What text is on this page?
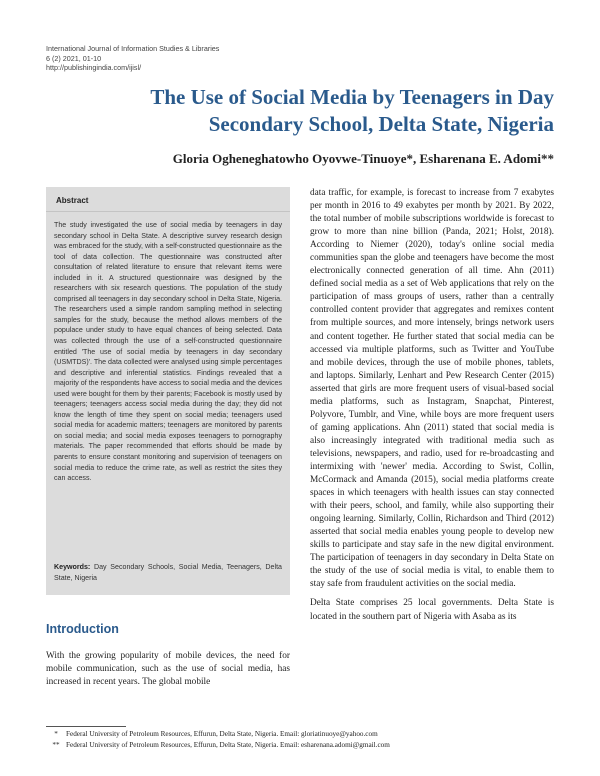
International Journal of Information Studies & Libraries
6 (2) 2021, 01-10
http://publishingindia.com/ijisl/
The Use of Social Media by Teenagers in Day
Secondary School, Delta State, Nigeria
Gloria Ogheneghatowho Oyovwe-Tinuoye*, Esharenana E. Adomi**
Abstract
The study investigated the use of social media by teenagers in day secondary school in Delta State. A descriptive survey research design was embraced for the study, with a self-constructed questionnaire as the tool of data collection. The questionnaire was constructed after consultation of related literature to ensure that relevant items were included in it. A structured questionnaire was designed by the researchers with six research questions. The population of the study comprised all teenagers in day secondary school in Delta State, Nigeria. The researchers used a simple random sampling method in selecting samples for the study, because the method allows members of the populace under study to have equal chances of being selected. Data was collected through the use of a self-constructed questionnaire entitled 'The use of social media by teenagers in day secondary (USMTDS)'. The data collected were analysed using simple percentages and descriptive and inferential statistics. Findings revealed that a majority of the respondents have access to social media and the devices used were bought for them by their parents; Facebook is mostly used by teenagers; teenagers access social media during the day; they did not know the length of time they spent on social media; teenagers used social media for academic matters; teenagers are monitored by parents on social media; and social media exposes teenagers to pornography materials. The paper recommended that efforts should be made by parents to ensure constant monitoring and supervision of teenagers on social media to reduce the crime rate, as well as restrict the sites they can access.
Keywords: Day Secondary Schools, Social Media, Teenagers, Delta State, Nigeria
Introduction
With the growing popularity of mobile devices, the need for mobile communication, such as the use of social media, has increased in recent years. The global mobile

data traffic, for example, is forecast to increase from 7 exabytes per month in 2016 to 49 exabytes per month by 2021. By 2022, the total number of mobile subscriptions worldwide is forecast to grow to more than nine billion (Panda, 2021; Holst, 2018). According to Niemer (2020), today's online social media communities span the globe and teenagers have become the most electronically connected generation of all time. Ahn (2011) defined social media as a set of Web applications that rely on the participation of mass groups of users, rather than a centrally controlled content provider that aggregates and remixes content from multiple sources, and more intensely, brings network users and content together. He further stated that social media can be accessed via multiple platforms, such as Twitter and YouTube and mobile devices, through the use of mobile phones, tablets, and laptops. Similarly, Lenhart and Pew Research Center (2015) asserted that girls are more frequent users of visual-based social media platforms, such as Instagram, Snapchat, Pinterest, Polyvore, Tumblr, and Vine, while boys are more frequent users of gaming applications. Ahn (2011) stated that social media is also increasingly integrated with traditional media such as televisions, newspapers, and radio, used for re-broadcasting and intermixing with 'newer' media. According to Swist, Collin, McCormack and Amanda (2015), social media platforms create spaces in which teenagers with health issues can stay connected with their peers, school, and family, while also supporting their ongoing learning. Similarly, Collin, Richardson and Third (2012) asserted that social media enables young people to develop new skills to participate and stay safe in the new digital environment. The participation of teenagers in day secondary in Delta State on the study of the use of social media is vital, to enable them to stay safe from fraudulent activities on the social media.

Delta State comprises 25 local governments. Delta State is located in the southern part of Nigeria with Asaba as its

*	Federal University of Petroleum Resources, Effurun, Delta State, Nigeria. Email: gloriatinuoye@yahoo.com
** Federal University of Petroleum Resources, Effurun, Delta State, Nigeria. Email: esharenana.adomi@gmail.com
